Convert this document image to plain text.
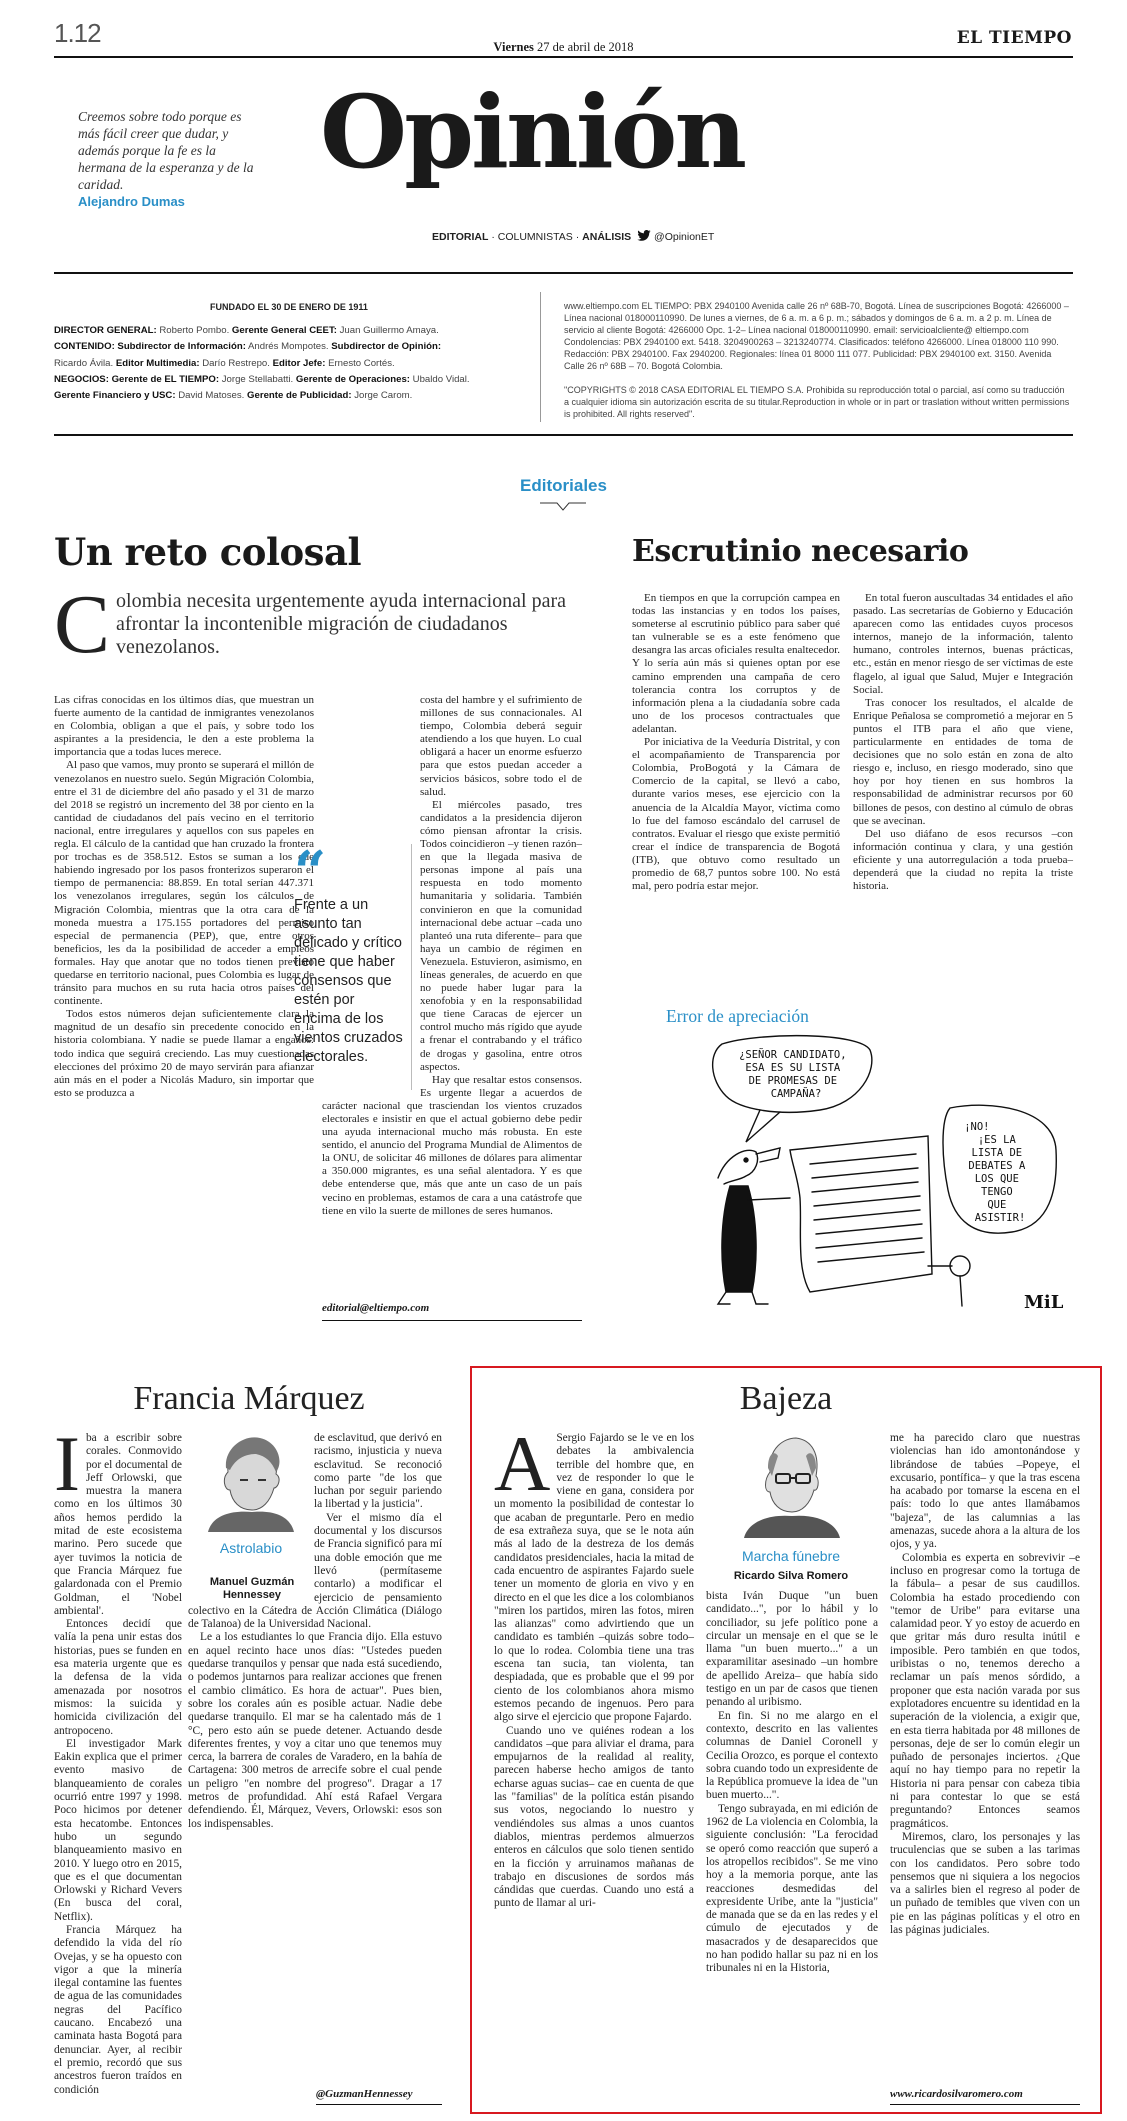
1.12	Viernes 27 de abril de 2018	EL TIEMPO
Creemos sobre todo porque es más fácil creer que dudar, y además porque la fe es la hermana de la esperanza y de la caridad.
Alejandro Dumas
Opinión
EDITORIAL · COLUMNISTAS · ANÁLISIS @OpinionET
FUNDADO EL 30 DE ENERO DE 1911

DIRECTOR GENERAL: Roberto Pombo. Gerente General CEET: Juan Guillermo Amaya.

CONTENIDO: Subdirector de Información: Andrés Mompotes. Subdirector de Opinión:

Ricardo Ávila. Editor Multimedia: Darío Restrepo. Editor Jefe: Ernesto Cortés.

NEGOCIOS: Gerente de EL TIEMPO: Jorge Stellabatti. Gerente de Operaciones: Ubaldo Vidal.

Gerente Financiero y USC: David Matoses. Gerente de Publicidad: Jorge Carom.

www.eltiempo.com EL TIEMPO: PBX 2940100 Avenida calle 26 nº 68B-70, Bogotá. Línea de suscripciones Bogotá: 4266000 – Línea nacional 018000110990. De lunes a viernes, de 6 a. m. a 6 p. m.; sábados y domingos de 6 a. m. a 2 p. m. Línea de servicio al cliente Bogotá: 4266000 Opc. 1-2– Línea nacional 018000110990. email: servicioalcliente@ eltiempo.com Condolencias: PBX 2940100 ext. 5418. 3204900263 – 3213240774. Clasificados: teléfono 4266000. Línea 018000 110 990. Redacción: PBX 2940100. Fax 2940200. Regionales: línea 01 8000 111 077. Publicidad: PBX 2940100 ext. 3150. Avenida Calle 26 nº 68B – 70. Bogotá Colombia.
"COPYRIGHTS © 2018 CASA EDITORIAL EL TIEMPO S.A. Prohibida su reproducción total o parcial, así como su traducción a cualquier idioma sin autorización escrita de su titular.Reproduction in whole or in part or traslation without written permissions is prohibited. All rights reserved".
Editoriales
Un reto colosal
C olombia necesita urgentemente ayuda internacional para afrontar la incontenible migración de ciudadanos venezolanos.

Las cifras conocidas en los últimos días, que muestran un fuerte aumento de la cantidad de inmigrantes venezolanos en Colombia, obligan a que el país, y sobre todo los aspirantes a la presidencia, le den a este problema la importancia que a todas luces merece.

Al paso que vamos, muy pronto se superará el millón de venezolanos en nuestro suelo. Según Migración Colombia, entre el 31 de diciembre del año pasado y el 31 de marzo del 2018 se registró un incremento del 38 por ciento en la cantidad de ciudadanos del país vecino en el territorio nacional, entre irregulares y aquellos con sus papeles en regla. El cálculo de la cantidad que han cruzado la frontera por trochas es de 358.512. Estos se suman a los que habiendo ingresado por los pasos fronterizos superaron el tiempo de permanencia: 88.859. En total serían 447.371 los venezolanos irregulares, según los cálculos de Migración Colombia, mientras que la otra cara de la moneda muestra a 175.155 portadores del permiso especial de permanencia (PEP), que, entre otros beneficios, les da la posibilidad de acceder a empleos formales. Hay que anotar que no todos tienen previsto quedarse en territorio nacional, pues Colombia es lugar de tránsito para muchos en su ruta hacia otros países del continente.

Todos estos números dejan suficientemente clara la magnitud de un desafío sin precedente conocido en la historia colombiana. Y nadie se puede llamar a engaños: todo indica que seguirá creciendo. Las muy cuestionadas elecciones del próximo 20 de mayo servirán para afianzar aún más en el poder a Nicolás Maduro, sin importar que esto se produzca a

“
Frente a un asunto tan delicado y crítico tiene que haber consensos que estén por encima de los vientos cruzados electorales.

costa del hambre y el sufrimiento de millones de sus connacionales. Al tiempo, Colombia deberá seguir atendiendo a los que huyen. Lo cual obligará a hacer un enorme esfuerzo para que estos puedan acceder a servicios básicos, sobre todo el de salud.

El miércoles pasado, tres candidatos a la presidencia dijeron cómo piensan afrontar la crisis. Todos coincidieron –y tienen razón– en que la llegada masiva de personas impone al país una respuesta en todo momento humanitaria y solidaria. También convinieron en que la comunidad internacional debe actuar –cada uno planteó una ruta diferente– para que haya un cambio de régimen en Venezuela. Estuvieron, asimismo, en líneas generales, de acuerdo en que no puede haber lugar para la xenofobia y en la responsabilidad que tiene Caracas de ejercer un control mucho más rígido que ayude a frenar el contrabando y el tráfico de drogas y gasolina, entre otros aspectos.

Hay que resaltar estos consensos. Es urgente llegar a acuerdos de carácter nacional que trasciendan los vientos cruzados electorales e insistir en que el actual gobierno debe pedir una ayuda internacional mucho más robusta. En este sentido, el anuncio del Programa Mundial de Alimentos de la ONU, de solicitar 46 millones de dólares para alimentar a 350.000 migrantes, es una señal alentadora. Y es que debe entenderse que, más que ante un caso de un país vecino en problemas, estamos de cara a una catástrofe que tiene en vilo la suerte de millones de seres humanos.

editorial@eltiempo.com
Escrutinio necesario

En tiempos en que la corrupción campea en todas las instancias y en todos los países, someterse al escrutinio público para saber qué tan vulnerable se es a este fenómeno que desangra las arcas oficiales resulta enaltecedor. Y lo sería aún más si quienes optan por ese camino emprenden una campaña de cero tolerancia contra los corruptos y de información plena a la ciudadanía sobre cada uno de los procesos contractuales que adelantan.

Por iniciativa de la Veeduría Distrital, y con el acompañamiento de Transparencia por Colombia, ProBogotá y la Cámara de Comercio de la capital, se llevó a cabo, durante varios meses, ese ejercicio con la anuencia de la Alcaldía Mayor, víctima como lo fue del famoso escándalo del carrusel de contratos. Evaluar el riesgo que existe permitió crear el índice de transparencia de Bogotá (ITB), que obtuvo como resultado un promedio de 68,7 puntos sobre 100. No está mal, pero podría estar mejor.

En total fueron auscultadas 34 entidades el año pasado. Las secretarías de Gobierno y Educación aparecen como las entidades cuyos procesos internos, manejo de la información, talento humano, controles internos, buenas prácticas, etc., están en menor riesgo de ser víctimas de este flagelo, al igual que Salud, Mujer e Integración Social.

Tras conocer los resultados, el alcalde de Enrique Peñalosa se comprometió a mejorar en 5 puntos el ITB para el año que viene, particularmente en entidades de toma de decisiones que no solo están en zona de alto riesgo e, incluso, en riesgo moderado, sino que hoy por hoy tienen en sus hombros la responsabilidad de administrar recursos por 60 billones de pesos, con destino al cúmulo de obras que se avecinan.

Del uso diáfano de esos recursos –con información continua y clara, y una gestión eficiente y una autorregulación a toda prueba– dependerá que la ciudad no repita la triste historia.

Error de apreciación
¿SEÑOR CANDIDATO, ESA ES SU LISTA DE PROMESAS DE CAMPAÑA?
¡NO! ¡ES LA LISTA DE DEBATES A LOS QUE TENGO QUE ASISTIR!
MiL
Francia Márquez
Astrolabio
Manuel Guzmán Hennessey
I ba a escribir sobre corales. Conmovido por el documental de Jeff Orlowski, que muestra la manera como en los últimos 30 años hemos perdido la mitad de este ecosistema marino. Pero sucede que ayer tuvimos la noticia de que Francia Márquez fue galardonada con el Premio Goldman, el 'Nobel ambiental'.

Entonces decidí que valía la pena unir estas dos historias, pues se funden en esa materia urgente que es la defensa de la vida amenazada por nosotros mismos: la suicida y homicida civilización del antropoceno.

El investigador Mark Eakin explica que el primer evento masivo de blanqueamiento de corales ocurrió entre 1997 y 1998. Poco hicimos por detener esta hecatombe. Entonces hubo un segundo blanqueamiento masivo en 2010. Y luego otro en 2015, que es el que documentan Orlowski y Richard Vevers (En busca del coral, Netflix).

Francia Márquez ha defendido la vida del río Ovejas, y se ha opuesto con vigor a que la minería ilegal contamine las fuentes de agua de las comunidades negras del Pacífico caucano. Encabezó una caminata hasta Bogotá para denunciar. Ayer, al recibir el premio, recordó que sus ancestros fueron traídos en condición

de esclavitud, que derivó en racismo, injusticia y nueva esclavitud. Se reconoció como parte "de los que luchan por seguir pariendo la libertad y la justicia".

Ver el mismo día el documental y los discursos de Francia significó para mí una doble emoción que me llevó (permítaseme contarlo) a modificar el ejercicio de pensamiento colectivo en la Cátedra de Acción Climática (Diálogo de Talanoa) de la Universidad Nacional.

Le a los estudiantes lo que Francia dijo. Ella estuvo en aquel recinto hace unos días: "Ustedes pueden quedarse tranquilos y pensar que nada está sucediendo, o podemos juntarnos para realizar acciones que frenen el cambio climático. Es hora de actuar". Pues bien, sobre los corales aún es posible actuar. Nadie debe quedarse tranquilo. El mar se ha calentado más de 1 °C, pero esto aún se puede detener. Actuando desde diferentes frentes, y voy a citar uno que tenemos muy cerca, la barrera de corales de Varadero, en la bahía de Cartagena: 300 metros de arrecife sobre el cual pende un peligro "en nombre del progreso". Dragar a 17 metros de profundidad. Ahí está Rafael Vergara defendiendo. Él, Márquez, Vevers, Orlowski: esos son los indispensables.

@GuzmanHennessey
Bajeza
Marcha fúnebre
Ricardo Silva Romero
A Sergio Fajardo se le ve en los debates la ambivalencia terrible del hombre que, en vez de responder lo que le viene en gana, considera por un momento la posibilidad de contestar lo que acaban de preguntarle. Pero en medio de esa extrañeza suya, que se le nota aún más al lado de la destreza de los demás candidatos presidenciales, hacia la mitad de cada encuentro de aspirantes Fajardo suele tener un momento de gloria en vivo y en directo en el que les dice a los colombianos "miren los partidos, miren las fotos, miren las alianzas" como advirtiendo que un candidato es también –quizás sobre todo– lo que lo rodea. Colombia tiene una tras escena tan sucia, tan violenta, tan despiadada, que es probable que el 99 por ciento de los colombianos ahora mismo estemos pecando de ingenuos. Pero para algo sirve el ejercicio que propone Fajardo.

Cuando uno ve quiénes rodean a los candidatos –que para aliviar el drama, para empujarnos de la realidad al reality, parecen haberse hecho amigos de tanto echarse aguas sucias– cae en cuenta de que las "familias" de la política están pisando sus votos, negociando lo nuestro y vendiéndoles sus almas a unos cuantos diablos, mientras perdemos almuerzos enteros en cálculos que solo tienen sentido en la ficción y arruinamos mañanas de trabajo en discusiones de sordos más cándidas que cuerdas. Cuando uno está a punto de llamar al uri-

bista Iván Duque "un buen candidato...", por lo hábil y lo conciliador, su jefe político pone a circular un mensaje en el que se le llama "un buen muerto..." a un exparamilitar asesinado –un hombre de apellido Areiza– que había sido testigo en un par de casos que tienen penando al uribismo.

En fin. Si no me alargo en el contexto, descrito en las valientes columnas de Daniel Coronell y Cecilia Orozco, es porque el contexto sobra cuando todo un expresidente de la República promueve la idea de "un buen muerto...".

Tengo subrayada, en mi edición de 1962 de La violencia en Colombia, la siguiente conclusión: "La ferocidad se operó como reacción que superó a los atropellos recibidos". Se me vino hoy a la memoria porque, ante las reacciones desmedidas del expresidente Uribe, ante la "justicia" de manada que se da en las redes y el cúmulo de ejecutados y de masacrados y de desaparecidos que no han podido hallar su paz ni en los tribunales ni en la Historia,

me ha parecido claro que nuestras violencias han ido amontonándose y librándose de tabúes –Popeye, el excusario, pontífica– y que la tras escena ha acabado por tomarse la escena en el país: todo lo que antes llamábamos "bajeza", de las calumnias a las amenazas, sucede ahora a la altura de los ojos, y ya.

Colombia es experta en sobrevivir –e incluso en progresar como la tortuga de la fábula– a pesar de sus caudillos. Colombia ha estado procediendo con "temor de Uribe" para evitarse una calamidad peor. Y yo estoy de acuerdo en que gritar más duro resulta inútil e imposible. Pero también en que todos, uribistas o no, tenemos derecho a reclamar un país menos sórdido, a proponer que esta nación varada por sus explotadores encuentre su identidad en la superación de la violencia, a exigir que, en esta tierra habitada por 48 millones de personas, deje de ser lo común elegir un puñado de personajes inciertos. ¿Que aquí no hay tiempo para no repetir la Historia ni para pensar con cabeza tibia ni para contestar lo que se está preguntando? Entonces seamos pragmáticos.

Miremos, claro, los personajes y las truculencias que se suben a las tarimas con los candidatos. Pero sobre todo pensemos que ni siquiera a los negocios va a salirles bien el regreso al poder de un puñado de temibles que viven con un pie en las páginas políticas y el otro en las páginas judiciales.

www.ricardosilvaromero.com
